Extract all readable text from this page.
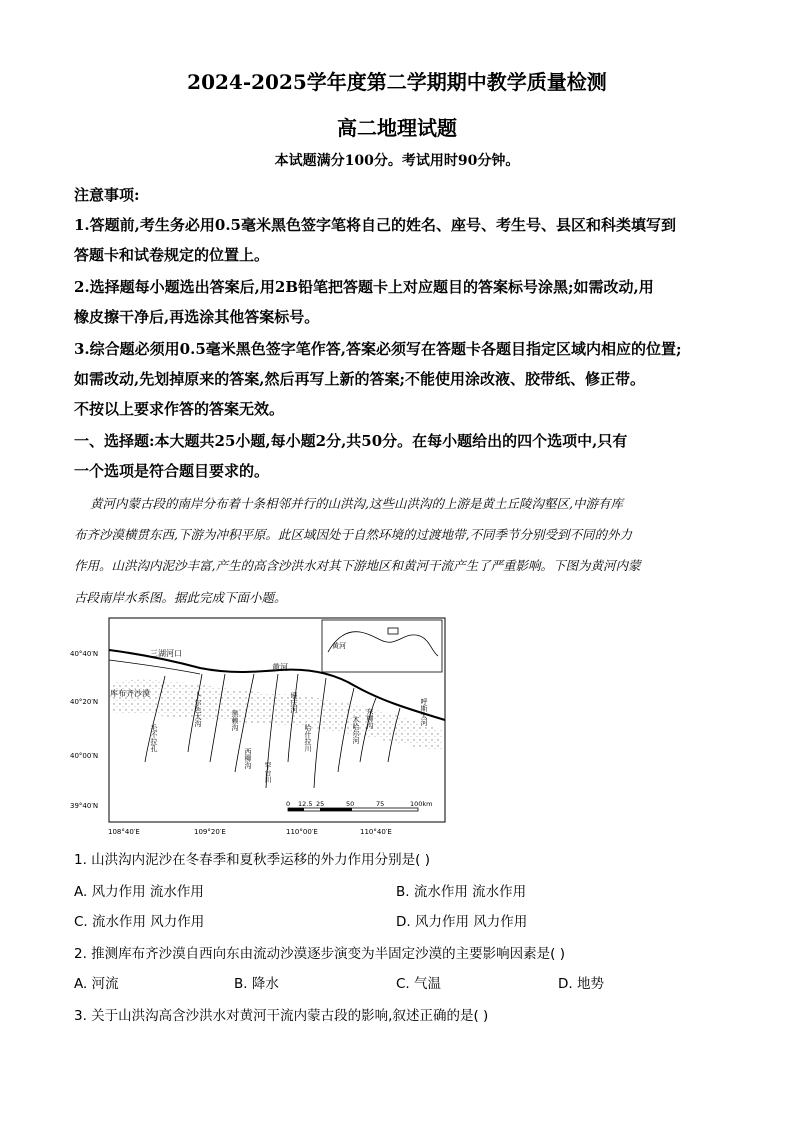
2024-2025学年度第二学期期中教学质量检测
高二地理试题
本试题满分100分。考试用时90分钟。
注意事项:
1.答题前,考生务必用0.5毫米黑色签字笔将自己的姓名、座号、考生号、县区和科类填写到
答题卡和试卷规定的位置上。
2.选择题每小题选出答案后,用2B铅笔把答题卡上对应题目的答案标号涂黑;如需改动,用
橡皮擦干净后,再选涂其他答案标号。
3.综合题必须用0.5毫米黑色签字笔作答,答案必须写在答题卡各题目指定区域内相应的位置;
如需改动,先划掉原来的答案,然后再写上新的答案;不能使用涂改液、胶带纸、修正带。
不按以上要求作答的答案无效。
一、选择题:本大题共25小题,每小题2分,共50分。在每小题给出的四个选项中,只有
一个选项是符合题目要求的。
黄河内蒙古段的南岸分布着十条相邻并行的山洪沟,这些山洪沟的上游是黄土丘陵沟壑区,中游有库
布齐沙漠横贯东西,下游为冲积平原。此区域因处于自然环境的过渡地带,不同季节分别受到不同的外力
作用。山洪沟内泥沙丰富,产生的高含沙洪水对其下游地区和黄河干流产生了严重影响。下图为黄河内蒙
古段南岸水系图。据此完成下面小题。
40°40′N
40°20′N
40°00′N
39°40′N
108°40′E	109°20′E	110°00′E	110°40′E
三湖河口
黄河
库布齐沙漠
黄河
毛不拉孔
卜尔色太沟	黑赖沟
西柳沟
罕台川
壕庆河
哈什拉川	木哈尔河 东柳沟	呼斯太河
0 12.5 25	50	75	100km
1. 山洪沟内泥沙在冬春季和夏秋季运移的外力作用分别是( )
A. 风力作用 流水作用	B. 流水作用 流水作用
C. 流水作用 风力作用	D. 风力作用 风力作用
2. 推测库布齐沙漠自西向东由流动沙漠逐步演变为半固定沙漠的主要影响因素是( )
A. 河流	B. 降水	C. 气温	D. 地势
3. 关于山洪沟高含沙洪水对黄河干流内蒙古段的影响,叙述正确的是( )
